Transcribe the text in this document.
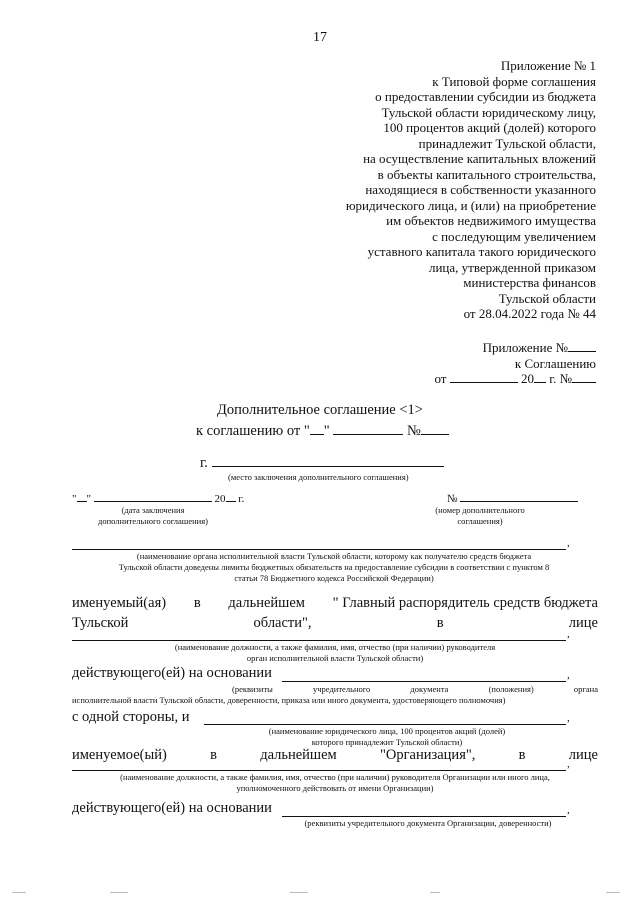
17
Приложение № 1
к Типовой форме соглашения
о предоставлении субсидии из бюджета
Тульской области юридическому лицу,
100 процентов акций (долей) которого
принадлежит Тульской области,
на осуществление капитальных вложений
в объекты капитального строительства,
находящиеся в собственности указанного
юридического лица, и (или) на приобретение
им объектов недвижимого имущества
с последующим увеличением
уставного капитала такого юридического
лица, утвержденной приказом
министерства финансов
Тульской области
от 28.04.2022 года № 44
Приложение №
к Соглашению
от	20 г. №
Дополнительное соглашение <1>
к соглашению от " "	№
г.
(место заключения дополнительного соглашения)
" "	20 г.
(дата заключения
дополнительного соглашения)
№
(номер дополнительного
соглашения)
,
(наименование органа исполнительной власти Тульской области, которому как получателю средств бюджета
Тульской области доведены лимиты бюджетных обязательств на предоставление субсидии в соответствии с пунктом 8
статьи 78 Бюджетного кодекса Российской Федерации)
именуемый(ая) в дальнейшем " Главный распорядитель средств бюджета
Тульской	области",	в	лице
,
(наименование должности, а также фамилия, имя, отчество (при наличии) руководителя
орган исполнительной власти Тульской области)
действующего(ей) на основании	,
(реквизиты	учредительного	документа	(положения)	органа
исполнительной власти Тульской области, доверенности, приказа или иного документа, удостоверяющего полномочия)
с одной стороны, и	,
(наименование юридического лица, 100 процентов акций (долей)
которого принадлежит Тульской области)
именуемое(ый)	в	дальнейшем	"Организация",	в	лице
,
(наименование должности, а также фамилия, имя, отчество (при наличии) руководителя Организации или иного лица,
уполномоченного действовать от имени Организации)
действующего(ей) на основании	,
(реквизиты учредительного документа Организации, доверенности)
